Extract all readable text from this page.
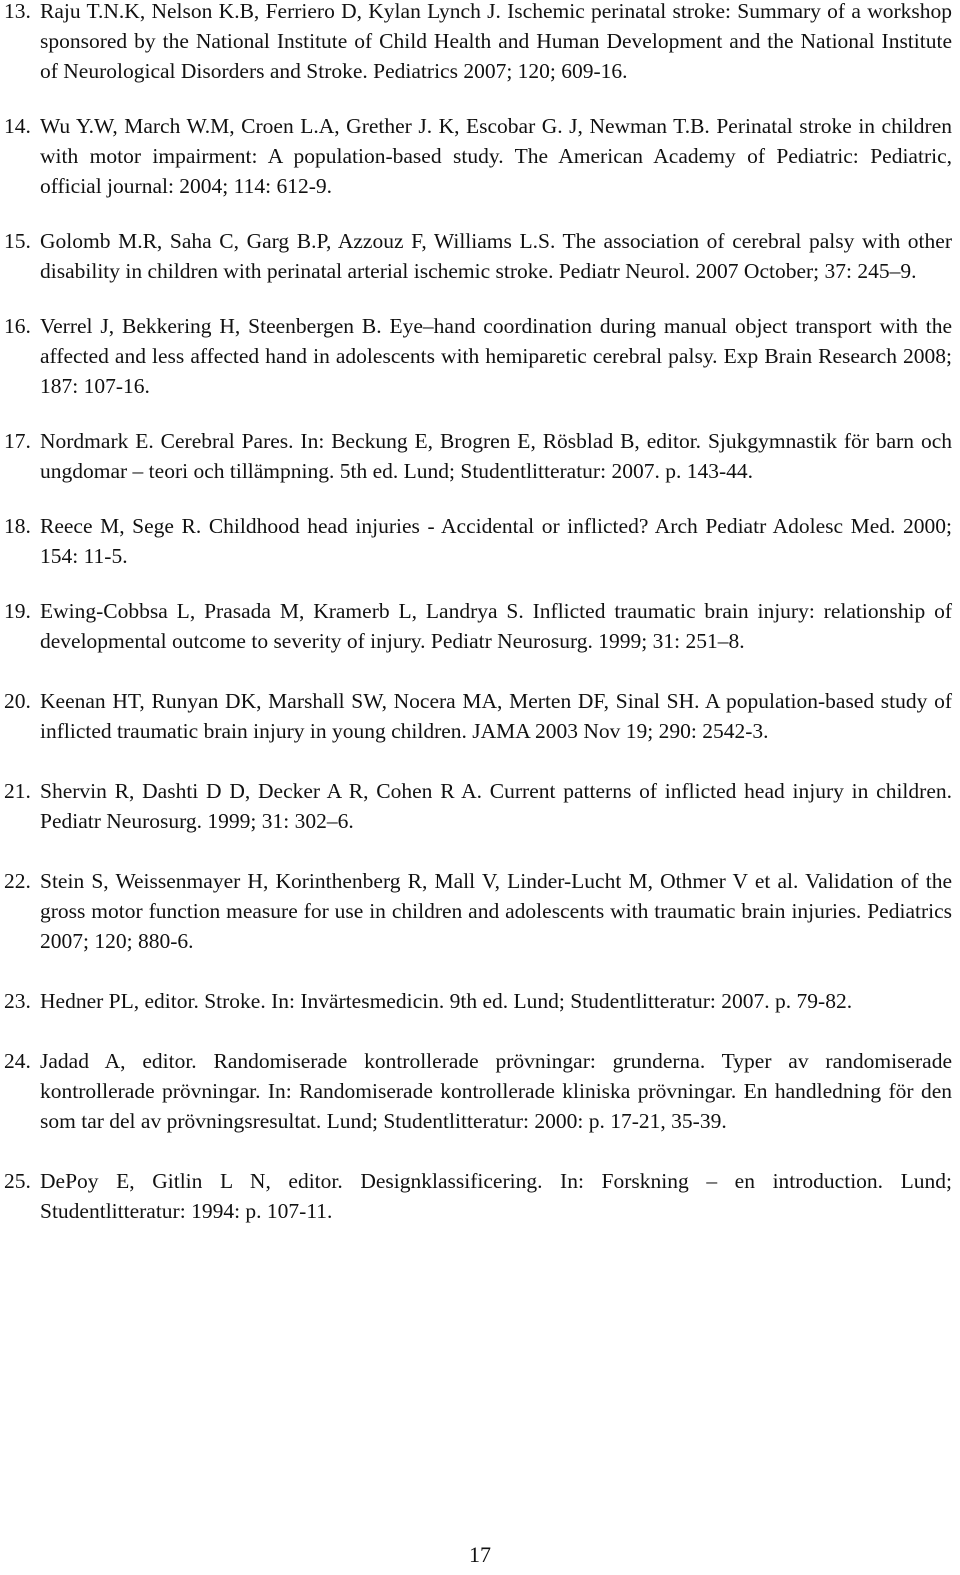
13. Raju T.N.K, Nelson K.B, Ferriero D, Kylan Lynch J. Ischemic perinatal stroke: Summary of a workshop sponsored by the National Institute of Child Health and Human Development and the National Institute of Neurological Disorders and Stroke. Pediatrics 2007; 120; 609-16.
14. Wu Y.W, March W.M, Croen L.A, Grether J. K, Escobar G. J, Newman T.B. Perinatal stroke in children with motor impairment: A population-based study. The American Academy of Pediatric: Pediatric, official journal: 2004; 114: 612-9.
15. Golomb M.R, Saha C, Garg B.P, Azzouz F, Williams L.S. The association of cerebral palsy with other disability in children with perinatal arterial ischemic stroke. Pediatr Neurol. 2007 October; 37: 245–9.
16. Verrel J, Bekkering H, Steenbergen B. Eye–hand coordination during manual object transport with the affected and less affected hand in adolescents with hemiparetic cerebral palsy. Exp Brain Research 2008; 187: 107-16.
17. Nordmark E. Cerebral Pares. In: Beckung E, Brogren E, Rösblad B, editor. Sjukgymnastik för barn och ungdomar – teori och tillämpning. 5th ed. Lund; Studentlitteratur: 2007. p. 143-44.
18. Reece M, Sege R. Childhood head injuries - Accidental or inflicted? Arch Pediatr Adolesc Med. 2000; 154: 11-5.
19. Ewing-Cobbsa L, Prasada M, Kramerb L, Landrya S. Inflicted traumatic brain injury: relationship of developmental outcome to severity of injury. Pediatr Neurosurg. 1999; 31: 251–8.
20. Keenan HT, Runyan DK, Marshall SW, Nocera MA, Merten DF, Sinal SH. A population-based study of inflicted traumatic brain injury in young children. JAMA 2003 Nov 19; 290: 2542-3.
21. Shervin R, Dashti D D, Decker A R, Cohen R A. Current patterns of inflicted head injury in children. Pediatr Neurosurg. 1999; 31: 302–6.
22. Stein S, Weissenmayer H, Korinthenberg R, Mall V, Linder-Lucht M, Othmer V et al. Validation of the gross motor function measure for use in children and adolescents with traumatic brain injuries. Pediatrics 2007; 120; 880-6.
23. Hedner PL, editor. Stroke. In: Invärtesmedicin. 9th ed. Lund; Studentlitteratur: 2007. p. 79-82.
24. Jadad A, editor. Randomiserade kontrollerade prövningar: grunderna. Typer av randomiserade kontrollerade prövningar. In: Randomiserade kontrollerade kliniska prövningar. En handledning för den som tar del av prövningsresultat. Lund; Studentlitteratur: 2000: p. 17-21, 35-39.
25. DePoy E, Gitlin L N, editor. Designklassificering. In: Forskning – en introduction. Lund; Studentlitteratur: 1994: p. 107-11.
17
